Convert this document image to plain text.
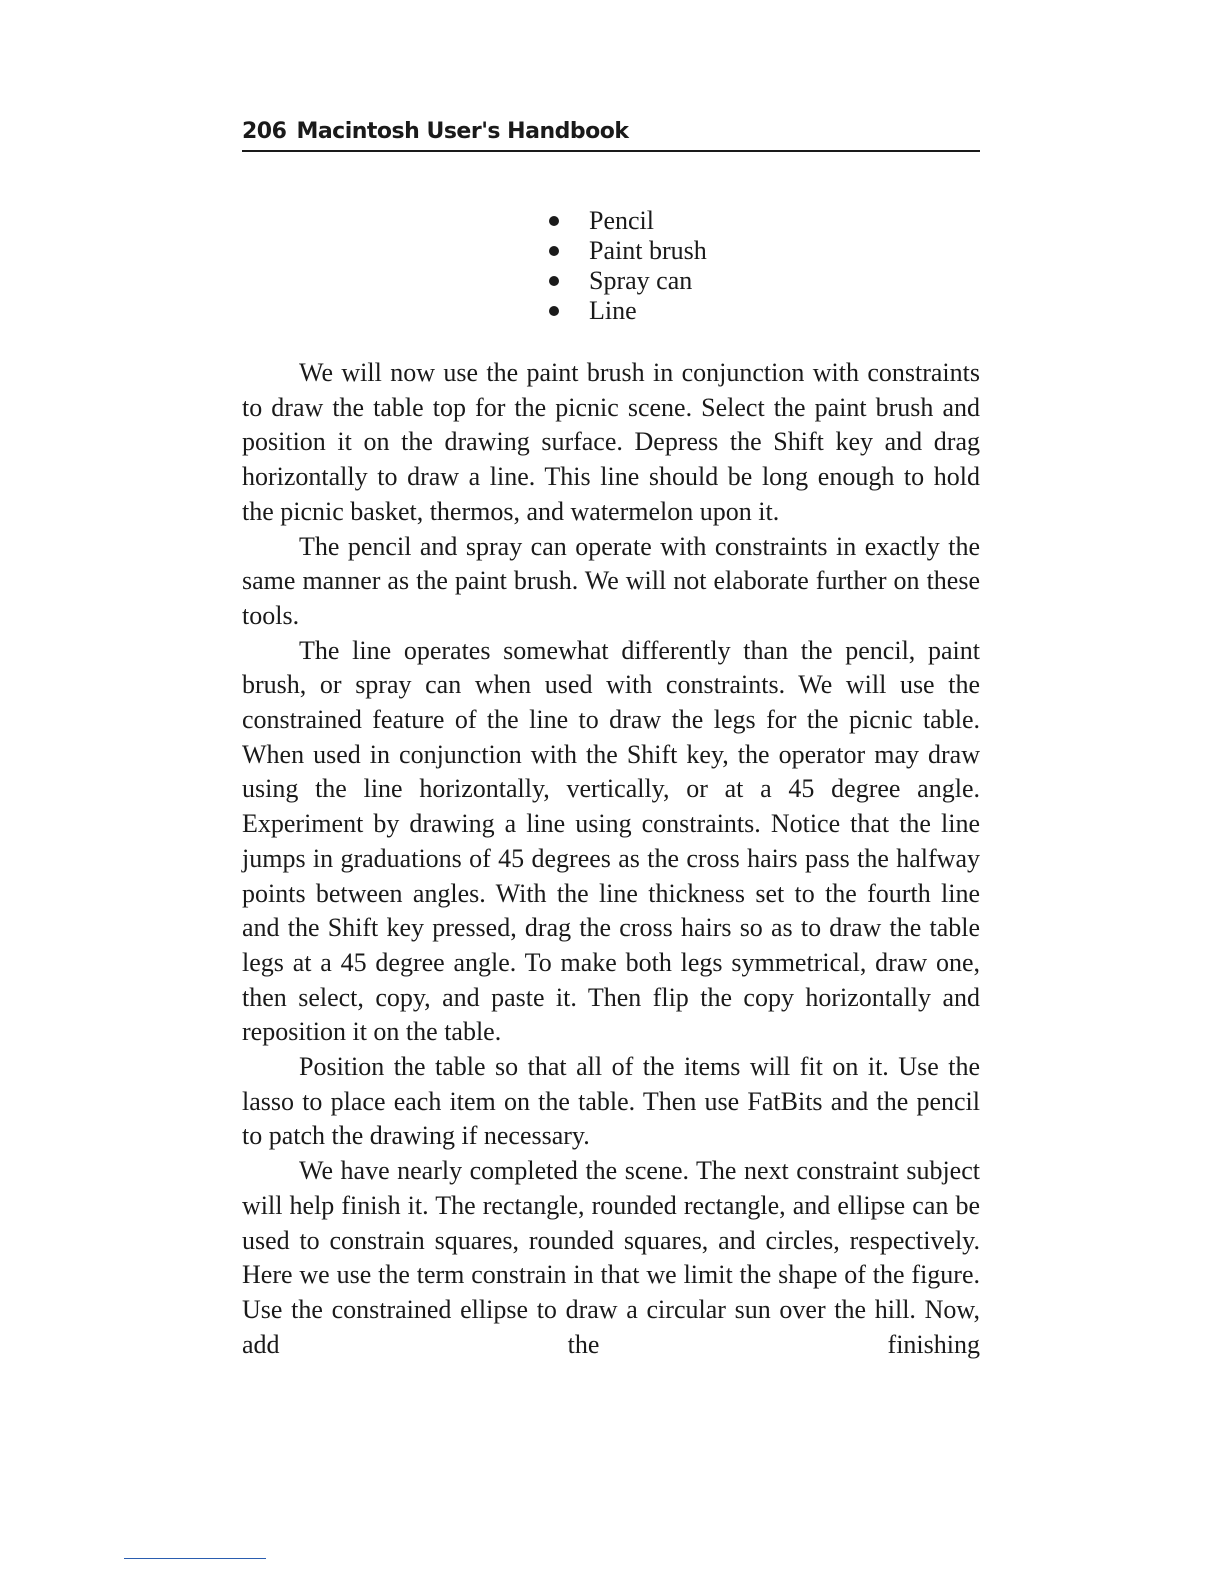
206 Macintosh User's Handbook
Pencil
Paint brush
Spray can
Line

We will now use the paint brush in conjunction with constraints to draw the table top for the picnic scene. Select the paint brush and position it on the drawing surface. Depress the Shift key and drag horizontally to draw a line. This line should be long enough to hold the picnic basket, thermos, and watermelon upon it.

The pencil and spray can operate with constraints in exactly the same manner as the paint brush. We will not elaborate further on these tools.

The line operates somewhat differently than the pencil, paint brush, or spray can when used with constraints. We will use the constrained feature of the line to draw the legs for the picnic table. When used in conjunction with the Shift key, the operator may draw using the line horizontally, vertically, or at a 45 degree angle. Experiment by drawing a line using constraints. Notice that the line jumps in graduations of 45 degrees as the cross hairs pass the halfway points between angles. With the line thickness set to the fourth line and the Shift key pressed, drag the cross hairs so as to draw the table legs at a 45 degree angle. To make both legs symmetrical, draw one, then select, copy, and paste it. Then flip the copy horizontally and reposition it on the table.

Position the table so that all of the items will fit on it. Use the lasso to place each item on the table. Then use FatBits and the pencil to patch the drawing if necessary.

We have nearly completed the scene. The next constraint subject will help finish it. The rectangle, rounded rectangle, and ellipse can be used to constrain squares, rounded squares, and circles, respectively. Here we use the term constrain in that we limit the shape of the figure. Use the constrained ellipse to draw a circular sun over the hill. Now, add the finishing
